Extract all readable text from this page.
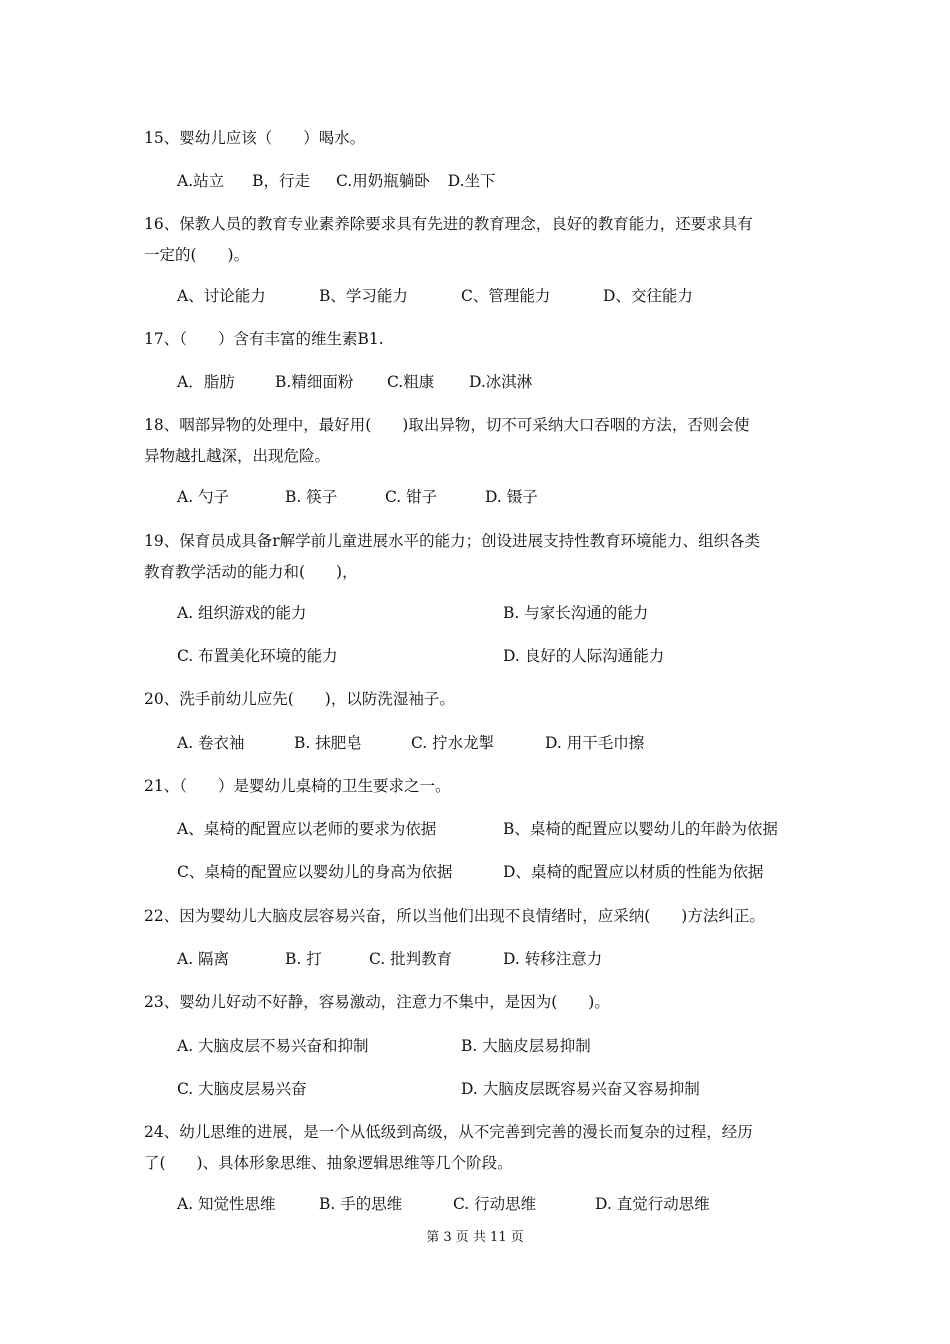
15、婴幼儿应该（　　）喝水。
A.站立 B，行走 C.用奶瓶躺卧 D.坐下
16、保教人员的教育专业素养除要求具有先进的教育理念，良好的教育能力，还要求具有
一定的(　　)。
A、讨论能力	B、学习能力	C、管理能力	D、交往能力
17、（　　）含有丰富的维生素B1.
A．脂肪	B.精细面粉 C.粗康 D.冰淇淋
18、咽部异物的处理中，最好用(　　)取出异物，切不可采纳大口吞咽的方法，否则会使
异物越扎越深，出现危险。
A. 勺子	B. 筷子	C. 钳子	D. 镊子
19、保育员成具备r解学前儿童进展水平的能力；创设进展支持性教育环境能力、组织各类
教育教学活动的能力和(　　)，
A. 组织游戏的能力	B. 与家长沟通的能力
C. 布置美化环境的能力	D. 良好的人际沟通能力
20、洗手前幼儿应先(　　)，以防洗湿袖子。
A. 卷衣袖	B. 抹肥皂	C. 拧水龙掣	D. 用干毛巾擦
21、（　　）是婴幼儿桌椅的卫生要求之一。
A、桌椅的配置应以老师的要求为依据	B、桌椅的配置应以婴幼儿的年龄为依据
C、桌椅的配置应以婴幼儿的身高为依据	D、桌椅的配置应以材质的性能为依据
22、因为婴幼儿大脑皮层容易兴奋，所以当他们出现不良情绪时，应采纳(　　)方法纠正。
A. 隔离	B. 打	C. 批判教育	D. 转移注意力
23、婴幼儿好动不好静，容易激动，注意力不集中，是因为(　　)。
A. 大脑皮层不易兴奋和抑制	B. 大脑皮层易抑制
C. 大脑皮层易兴奋	D. 大脑皮层既容易兴奋又容易抑制
24、幼儿思维的进展，是一个从低级到高级，从不完善到完善的漫长而复杂的过程，经历
了(　　)、具体形象思维、抽象逻辑思维等几个阶段。
A. 知觉性思维	B. 手的思维	C. 行动思维	D. 直觉行动思维
第 3 页 共 11 页
